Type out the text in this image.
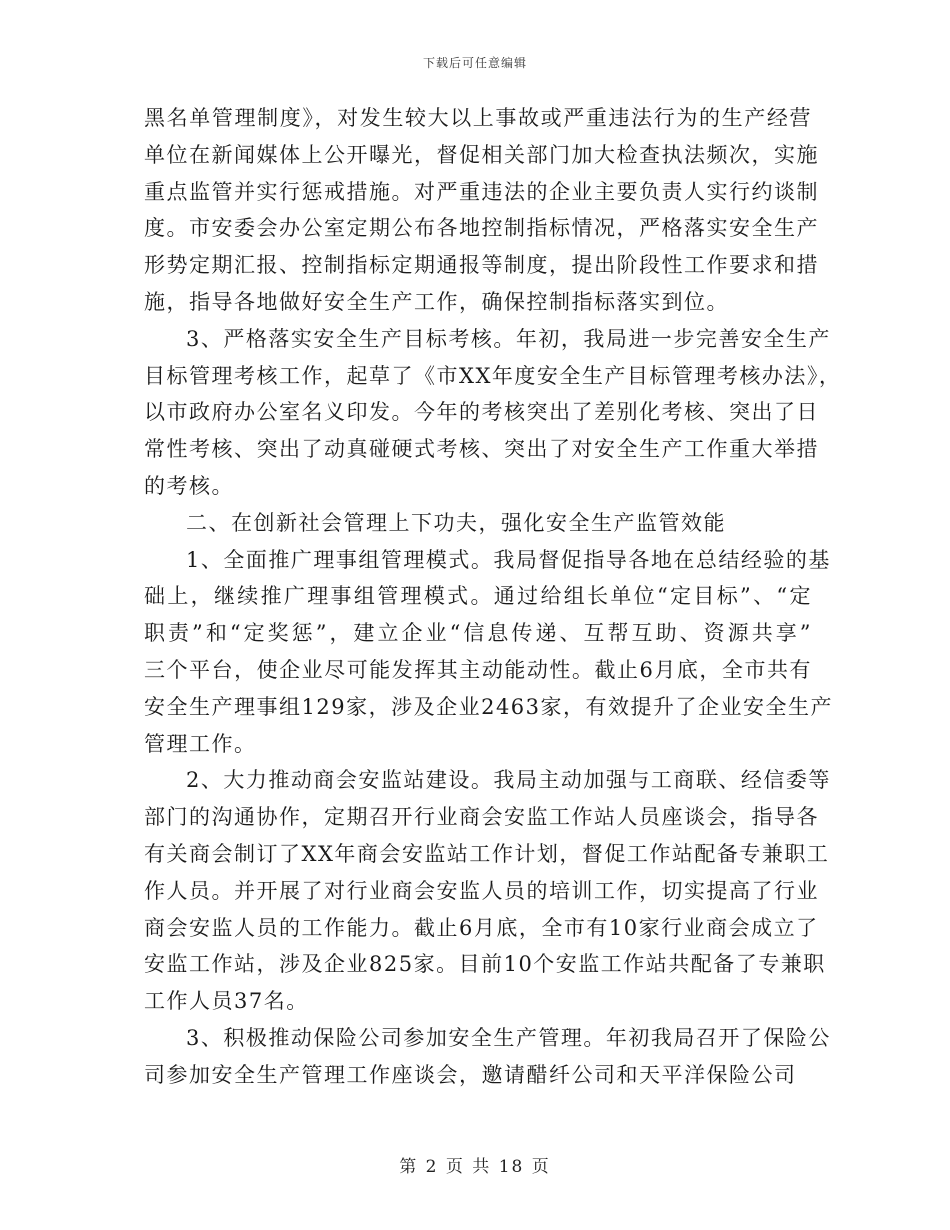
下载后可任意编辑
黑名单管理制度》，对发生较大以上事故或严重违法行为的生产经营
单位在新闻媒体上公开曝光，督促相关部门加大检查执法频次，实施
重点监管并实行惩戒措施。对严重违法的企业主要负责人实行约谈制
度。市安委会办公室定期公布各地控制指标情况，严格落实安全生产
形势定期汇报、控制指标定期通报等制度，提出阶段性工作要求和措
施，指导各地做好安全生产工作，确保控制指标落实到位。
3、严格落实安全生产目标考核。年初，我局进一步完善安全生产
目标管理考核工作，起草了《市XX年度安全生产目标管理考核办法》，
以市政府办公室名义印发。今年的考核突出了差别化考核、突出了日
常性考核、突出了动真碰硬式考核、突出了对安全生产工作重大举措
的考核。
二、在创新社会管理上下功夫，强化安全生产监管效能
1、全面推广理事组管理模式。我局督促指导各地在总结经验的基
础上，继续推广理事组管理模式。通过给组长单位“定目标”、“定
职责”和“定奖惩”，建立企业“信息传递、互帮互助、资源共享”
三个平台，使企业尽可能发挥其主动能动性。截止6月底，全市共有
安全生产理事组129家，涉及企业2463家，有效提升了企业安全生产
管理工作。
2、大力推动商会安监站建设。我局主动加强与工商联、经信委等
部门的沟通协作，定期召开行业商会安监工作站人员座谈会，指导各
有关商会制订了XX年商会安监站工作计划，督促工作站配备专兼职工
作人员。并开展了对行业商会安监人员的培训工作，切实提高了行业
商会安监人员的工作能力。截止6月底，全市有10家行业商会成立了
安监工作站，涉及企业825家。目前10个安监工作站共配备了专兼职
工作人员37名。
3、积极推动保险公司参加安全生产管理。年初我局召开了保险公
司参加安全生产管理工作座谈会，邀请醋纤公司和天平洋保险公司
第 2 页 共 18 页
